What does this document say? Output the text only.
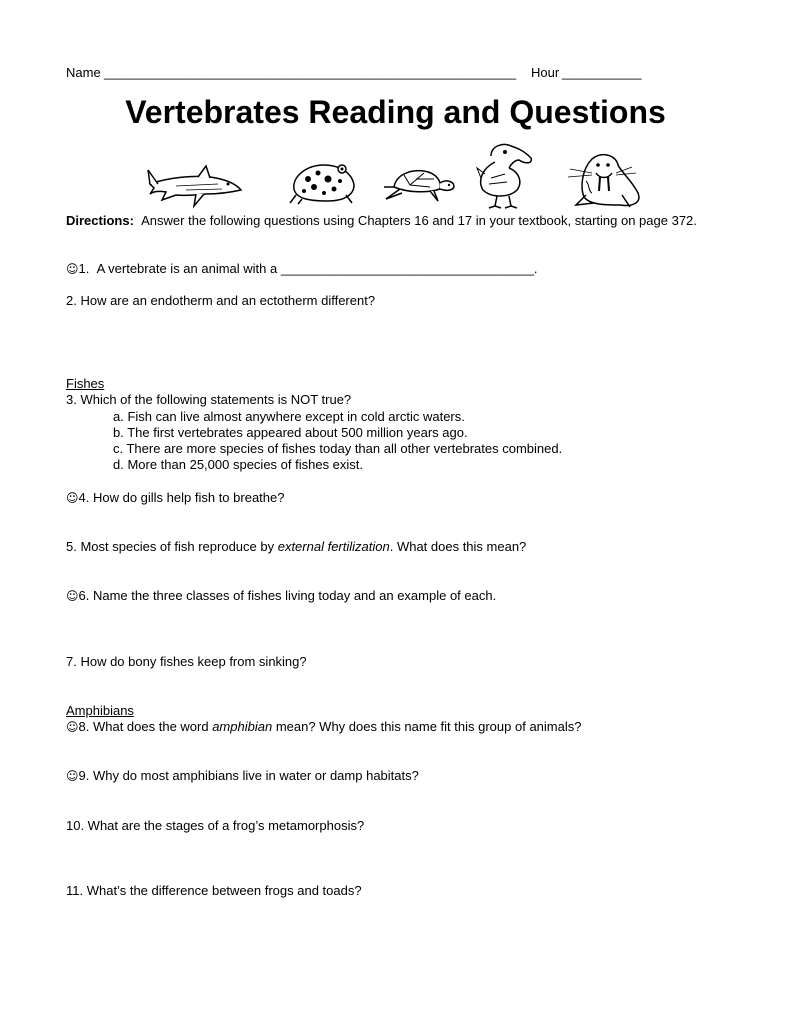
Name _________________________________________________________ Hour ___________
Vertebrates Reading and Questions
Directions: Answer the following questions using Chapters 16 and 17 in your textbook, starting on page 372.
☺1. A vertebrate is an animal with a ___________________________________.
2. How are an endotherm and an ectotherm different?
Fishes
3. Which of the following statements is NOT true?
a. Fish can live almost anywhere except in cold arctic waters.
b. The first vertebrates appeared about 500 million years ago.
c. There are more species of fishes today than all other vertebrates combined.
d. More than 25,000 species of fishes exist.
☺4. How do gills help fish to breathe?
5. Most species of fish reproduce by external fertilization. What does this mean?
☺6. Name the three classes of fishes living today and an example of each.
7. How do bony fishes keep from sinking?
Amphibians
☺8. What does the word amphibian mean? Why does this name fit this group of animals?
☺9. Why do most amphibians live in water or damp habitats?
10. What are the stages of a frog’s metamorphosis?
11. What’s the difference between frogs and toads?
